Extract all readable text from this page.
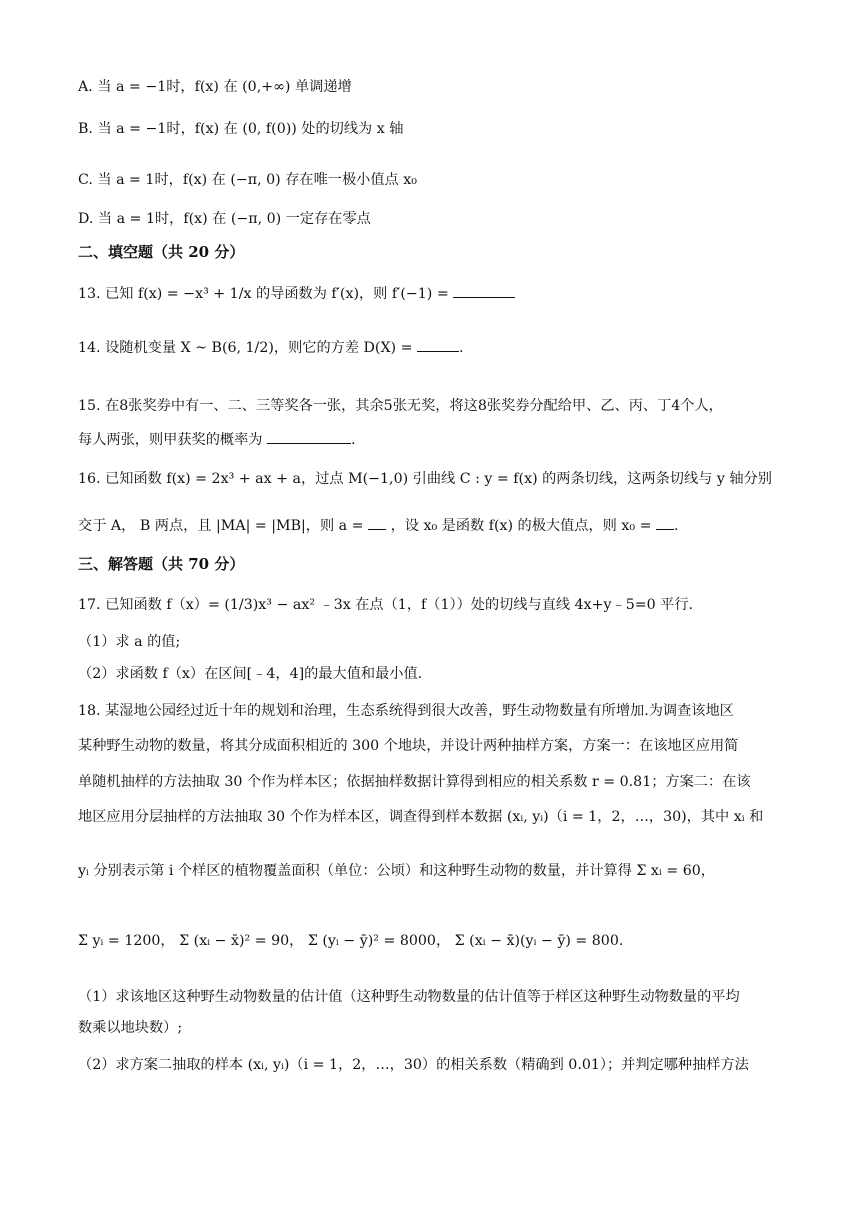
A. 当 a = −1时，f(x) 在 (0,+∞) 单调递增
B. 当 a = −1时，f(x) 在 (0, f(0)) 处的切线为 x 轴
C. 当 a = 1时，f(x) 在 (−π, 0) 存在唯一极小值点 x₀
D. 当 a = 1时，f(x) 在 (−π, 0) 一定存在零点
二、填空题（共 20 分）
13. 已知 f(x) = −x³ + 1/x 的导函数为 f′(x)，则 f′(−1) =
14. 设随机变量 X ~ B(6, 1/2)，则它的方差 D(X) =	.
15. 在8张奖券中有一、二、三等奖各一张，其余5张无奖，将这8张奖券分配给甲、乙、丙、丁4个人，
每人两张，则甲获奖的概率为	.
16. 已知函数 f(x) = 2x³ + ax + a，过点 M(−1,0) 引曲线 C : y = f(x) 的两条切线，这两条切线与 y 轴分别
交于 A， B 两点，且 |MA| = |MB|，则 a = ，设 x₀ 是函数 f(x) 的极大值点，则 x₀ = .
三、解答题（共 70 分）
17. 已知函数 f（x）= (1/3)x³ − ax² ﹣3x 在点（1，f（1））处的切线与直线 4x+y﹣5=0 平行.
（1）求 a 的值;
（2）求函数 f（x）在区间[﹣4，4]的最大值和最小值.
18. 某湿地公园经过近十年的规划和治理，生态系统得到很大改善，野生动物数量有所增加.为调查该地区
某种野生动物的数量，将其分成面积相近的 300 个地块，并设计两种抽样方案，方案一：在该地区应用简
单随机抽样的方法抽取 30 个作为样本区；依据抽样数据计算得到相应的相关系数 r = 0.81；方案二：在该
地区应用分层抽样的方法抽取 30 个作为样本区，调查得到样本数据 (xᵢ, yᵢ)（i = 1，2，…，30)，其中 xᵢ 和
yᵢ 分别表示第 i 个样区的植物覆盖面积（单位：公顷）和这种野生动物的数量，并计算得 Σ xᵢ = 60，
Σ yᵢ = 1200， Σ (xᵢ − x̄)² = 90， Σ (yᵢ − ȳ)² = 8000， Σ (xᵢ − x̄)(yᵢ − ȳ) = 800.
（1）求该地区这种野生动物数量的估计值（这种野生动物数量的估计值等于样区这种野生动物数量的平均
数乘以地块数）;
（2）求方案二抽取的样本 (xᵢ, yᵢ)（i = 1，2，…，30）的相关系数（精确到 0.01）；并判定哪种抽样方法
